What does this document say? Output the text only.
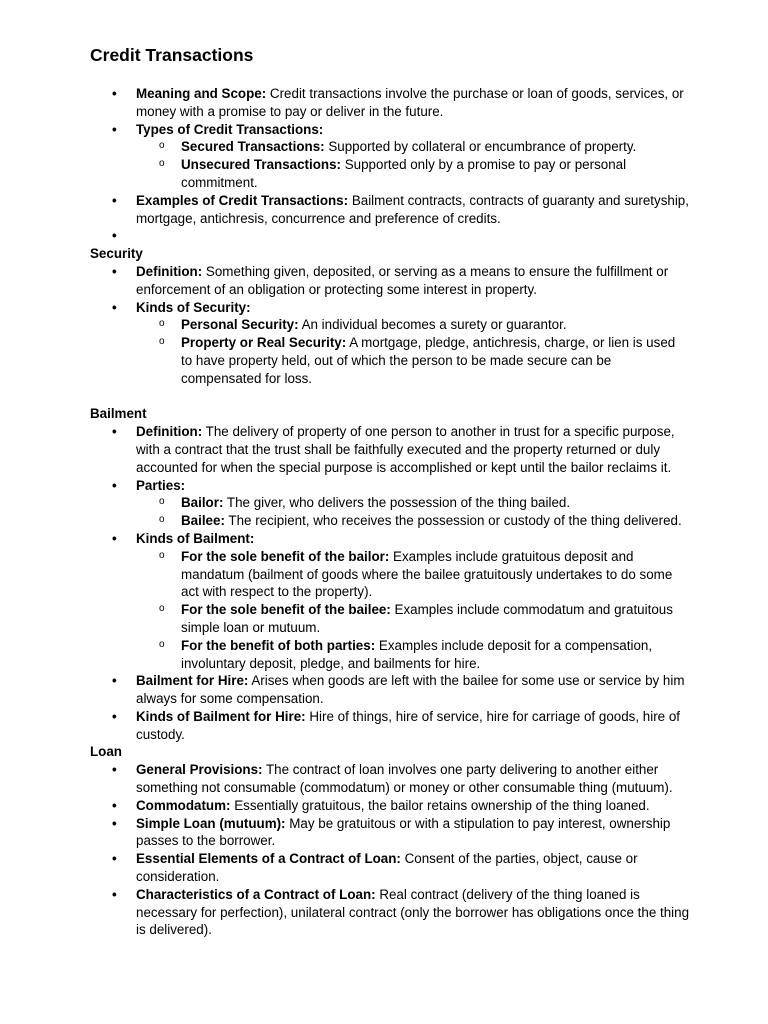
Credit Transactions
• Meaning and Scope: Credit transactions involve the purchase or loan of goods, services, or money with a promise to pay or deliver in the future.
• Types of Credit Transactions:
o Secured Transactions: Supported by collateral or encumbrance of property.
o Unsecured Transactions: Supported only by a promise to pay or personal commitment.
• Examples of Credit Transactions: Bailment contracts, contracts of guaranty and suretyship, mortgage, antichresis, concurrence and preference of credits.
•

Security

• Definition: Something given, deposited, or serving as a means to ensure the fulfillment or enforcement of an obligation or protecting some interest in property.
• Kinds of Security:
o Personal Security: An individual becomes a surety or guarantor.
o Property or Real Security: A mortgage, pledge, antichresis, charge, or lien is used to have property held, out of which the person to be made secure can be compensated for loss.

Bailment

• Definition: The delivery of property of one person to another in trust for a specific purpose, with a contract that the trust shall be faithfully executed and the property returned or duly accounted for when the special purpose is accomplished or kept until the bailor reclaims it.
• Parties:
o Bailor: The giver, who delivers the possession of the thing bailed.
o Bailee: The recipient, who receives the possession or custody of the thing delivered.
• Kinds of Bailment:
o For the sole benefit of the bailor: Examples include gratuitous deposit and mandatum (bailment of goods where the bailee gratuitously undertakes to do some act with respect to the property).
o For the sole benefit of the bailee: Examples include commodatum and gratuitous simple loan or mutuum.
o For the benefit of both parties: Examples include deposit for a compensation, involuntary deposit, pledge, and bailments for hire.
• Bailment for Hire: Arises when goods are left with the bailee for some use or service by him always for some compensation.
• Kinds of Bailment for Hire: Hire of things, hire of service, hire for carriage of goods, hire of custody.

Loan

• General Provisions: The contract of loan involves one party delivering to another either something not consumable (commodatum) or money or other consumable thing (mutuum).
• Commodatum: Essentially gratuitous, the bailor retains ownership of the thing loaned.
• Simple Loan (mutuum): May be gratuitous or with a stipulation to pay interest, ownership passes to the borrower.
• Essential Elements of a Contract of Loan: Consent of the parties, object, cause or consideration.
• Characteristics of a Contract of Loan: Real contract (delivery of the thing loaned is necessary for perfection), unilateral contract (only the borrower has obligations once the thing is delivered).
